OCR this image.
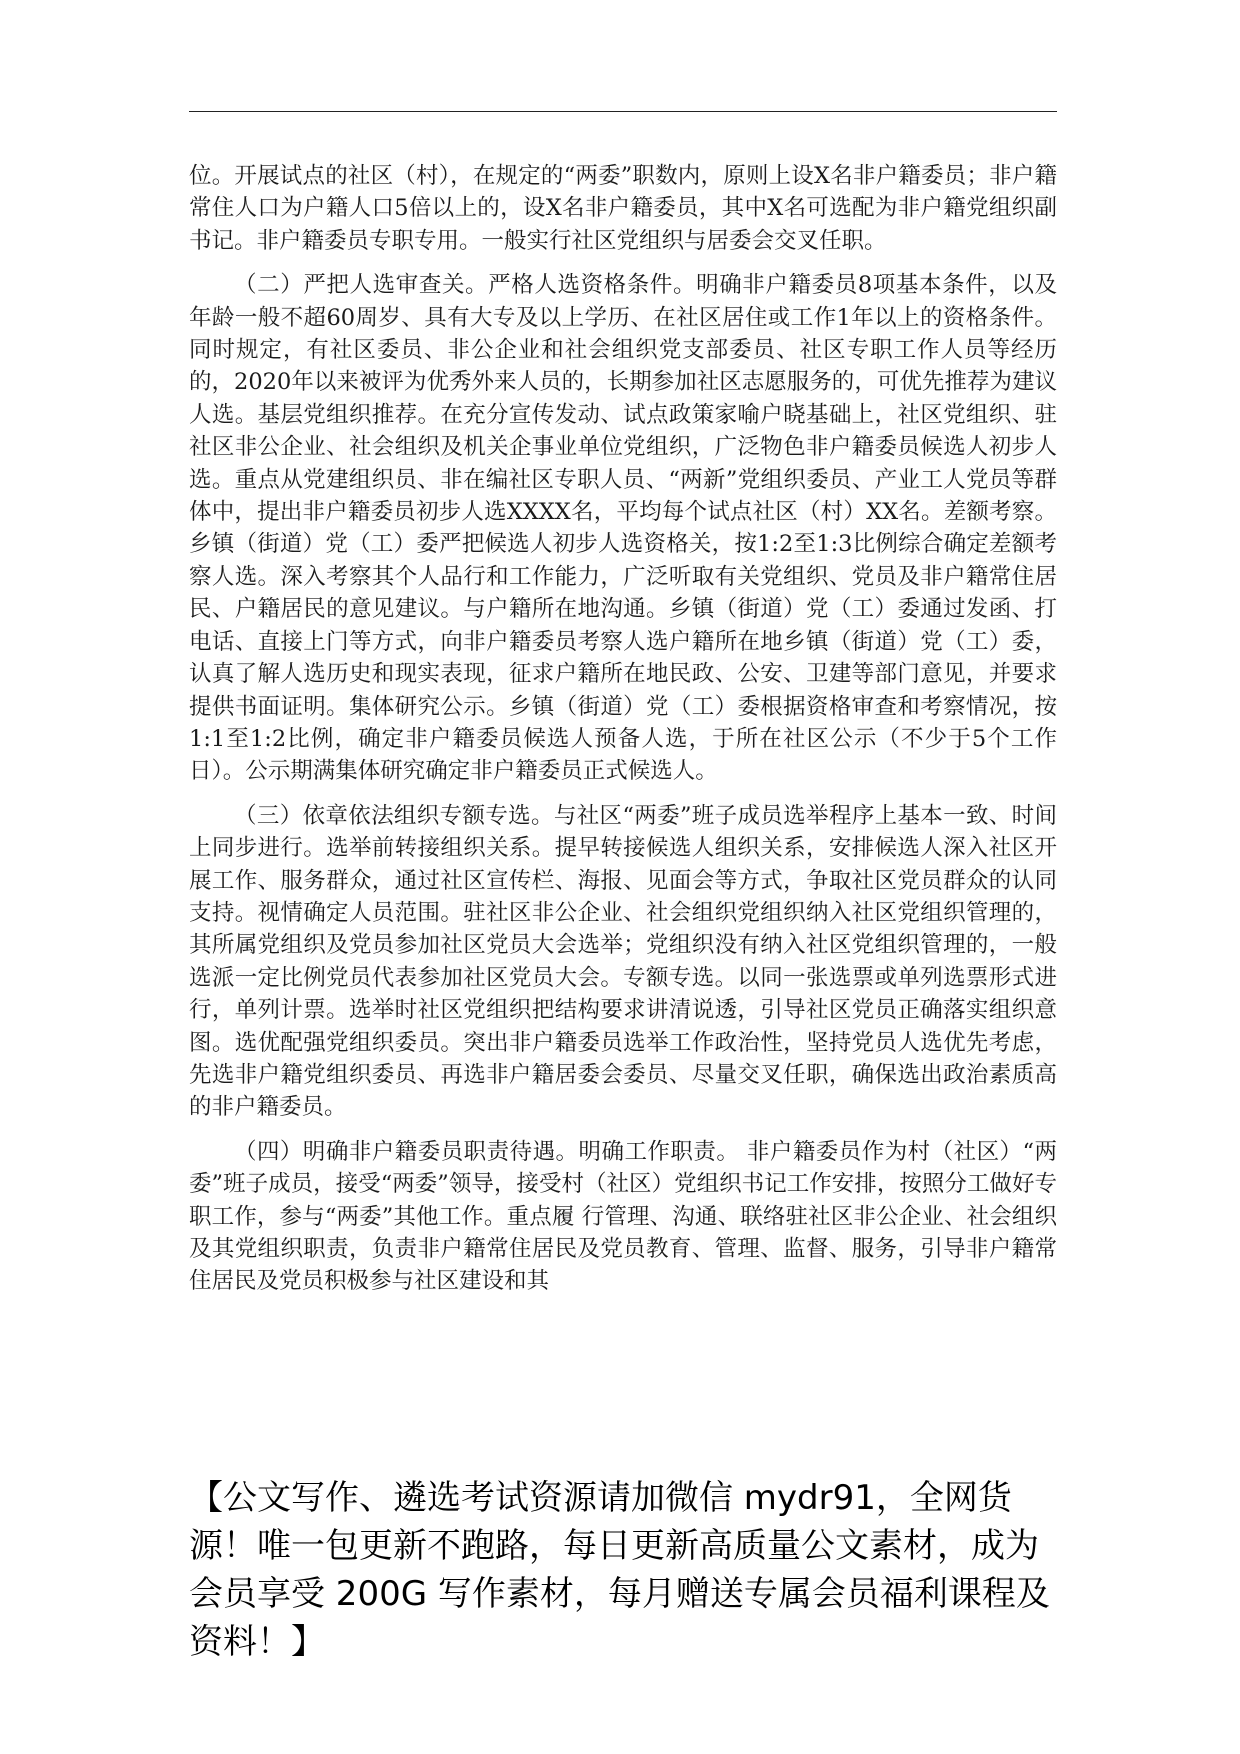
位。开展试点的社区（村），在规定的“两委”职数内，原则上设X名非户籍委员；非户籍常住人口为户籍人口5倍以上的，设X名非户籍委员，其中X名可选配为非户籍党组织副书记。非户籍委员专职专用。一般实行社区党组织与居委会交叉任职。

（二）严把人选审查关。严格人选资格条件。明确非户籍委员8项基本条件，以及年龄一般不超60周岁、具有大专及以上学历、在社区居住或工作1年以上的资格条件。同时规定，有社区委员、非公企业和社会组织党支部委员、社区专职工作人员等经历的，2020年以来被评为优秀外来人员的，长期参加社区志愿服务的，可优先推荐为建议人选。基层党组织推荐。在充分宣传发动、试点政策家喻户晓基础上，社区党组织、驻社区非公企业、社会组织及机关企事业单位党组织，广泛物色非户籍委员候选人初步人选。重点从党建组织员、非在编社区专职人员、“两新”党组织委员、产业工人党员等群体中，提出非户籍委员初步人选XXXX名，平均每个试点社区（村）XX名。差额考察。乡镇（街道）党（工）委严把候选人初步人选资格关，按1:2至1:3比例综合确定差额考察人选。深入考察其个人品行和工作能力，广泛听取有关党组织、党员及非户籍常住居民、户籍居民的意见建议。与户籍所在地沟通。乡镇（街道）党（工）委通过发函、打电话、直接上门等方式，向非户籍委员考察人选户籍所在地乡镇（街道）党（工）委，认真了解人选历史和现实表现，征求户籍所在地民政、公安、卫建等部门意见，并要求提供书面证明。集体研究公示。乡镇（街道）党（工）委根据资格审查和考察情况，按1:1至1:2比例，确定非户籍委员候选人预备人选，于所在社区公示（不少于5个工作日）。公示期满集体研究确定非户籍委员正式候选人。

（三）依章依法组织专额专选。与社区“两委”班子成员选举程序上基本一致、时间上同步进行。选举前转接组织关系。提早转接候选人组织关系，安排候选人深入社区开展工作、服务群众，通过社区宣传栏、海报、见面会等方式，争取社区党员群众的认同支持。视情确定人员范围。驻社区非公企业、社会组织党组织纳入社区党组织管理的，其所属党组织及党员参加社区党员大会选举；党组织没有纳入社区党组织管理的，一般选派一定比例党员代表参加社区党员大会。专额专选。以同一张选票或单列选票形式进行，单列计票。选举时社区党组织把结构要求讲清说透，引导社区党员正确落实组织意图。选优配强党组织委员。突出非户籍委员选举工作政治性，坚持党员人选优先考虑，先选非户籍党组织委员、再选非户籍居委会委员、尽量交叉任职，确保选出政治素质高的非户籍委员。

（四）明确非户籍委员职责待遇。明确工作职责。 非户籍委员作为村（社区）“两委”班子成员，接受“两委”领导，接受村（社区）党组织书记工作安排，按照分工做好专职工作，参与“两委”其他工作。重点履 行管理、沟通、联络驻社区非公企业、社会组织及其党组织职责，负责非户籍常住居民及党员教育、管理、监督、服务，引导非户籍常住居民及党员积极参与社区建设和其

【公文写作、遴选考试资源请加微信 mydr91，全网货源！唯一包更新不跑路，每日更新高质量公文素材，成为会员享受 200G 写作素材，每月赠送专属会员福利课程及资料！】
